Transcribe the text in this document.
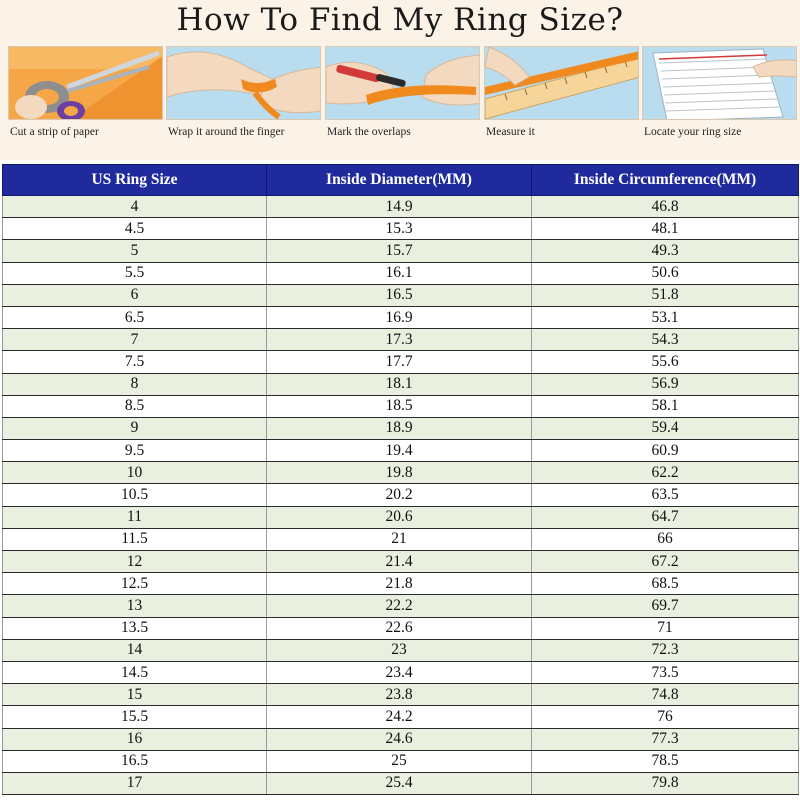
How To Find My Ring Size?
Cut a strip of paper	Wrap it around the finger	Mark the overlaps	Measure it	Locate your ring size
US Ring Size	Inside Diameter(MM)	Inside Circumference(MM)
4	14.9	46.8
4.5	15.3	48.1
5	15.7	49.3
5.5	16.1	50.6
6	16.5	51.8
6.5	16.9	53.1
7	17.3	54.3
7.5	17.7	55.6
8	18.1	56.9
8.5	18.5	58.1
9	18.9	59.4
9.5	19.4	60.9
10	19.8	62.2
10.5	20.2	63.5
11	20.6	64.7
11.5	21	66
12	21.4	67.2
12.5	21.8	68.5
13	22.2	69.7
13.5	22.6	71
14	23	72.3
14.5	23.4	73.5
15	23.8	74.8
15.5	24.2	76
16	24.6	77.3
16.5	25	78.5
17	25.4	79.8
